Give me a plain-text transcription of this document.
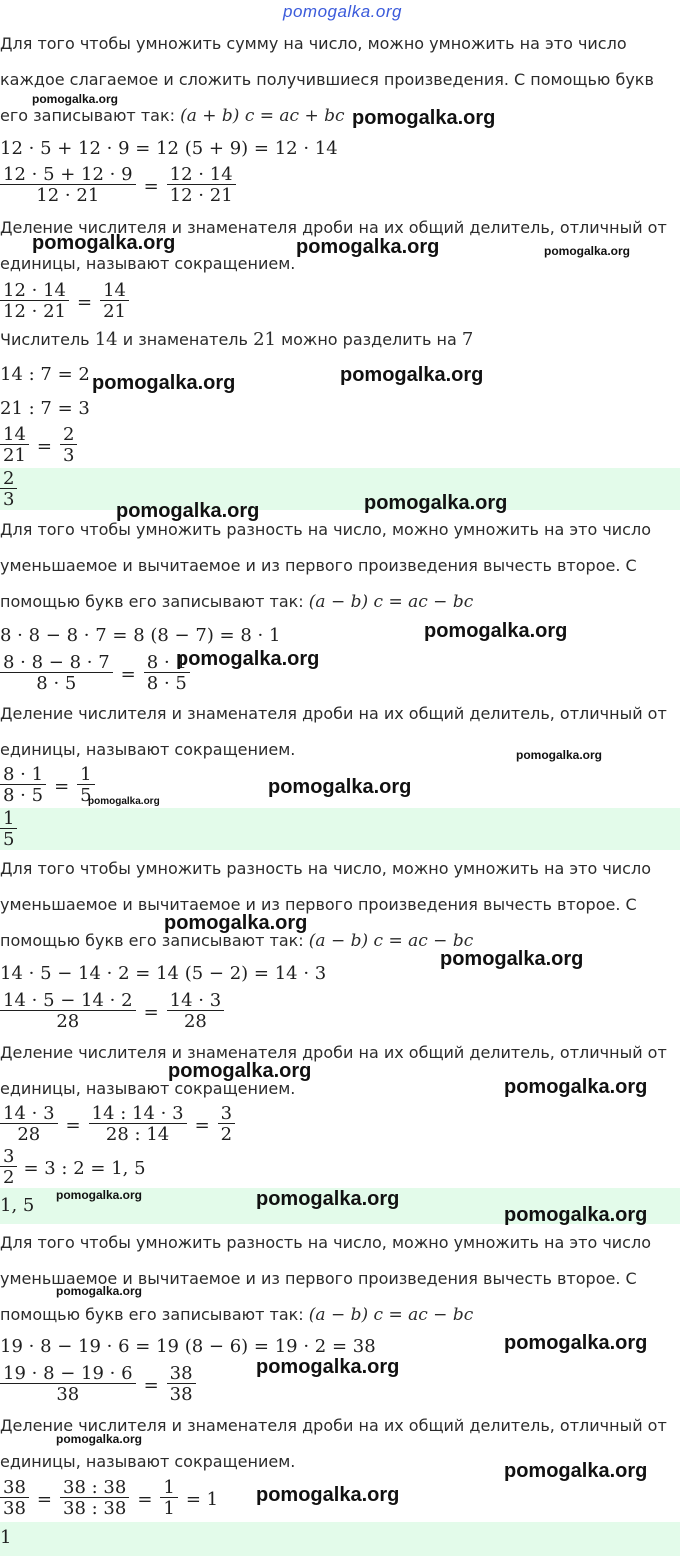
pomogalka.org
Для того чтобы умножить сумму на число, можно умножить на это число
каждое слагаемое и сложить получившиеся произведения. С помощью букв
его записывают так: (a + b) c = ac + bc
12 · 5 + 12 · 9 = 12 (5 + 9) = 12 · 14
$\frac{12 \cdot 5 + 12 \cdot 9}{12 \cdot 21} = \frac{12 \cdot 14}{12 \cdot 21}$
Деление числителя и знаменателя дроби на их общий делитель, отличный от
единицы, называют сокращением.
$\frac{12 \cdot 14}{12 \cdot 21} = \frac{14}{21}$
Числитель 14 и знаменатель 21 можно разделить на 7
14 : 7 = 2
21 : 7 = 3
$\frac{14}{21} = \frac{2}{3}$
$\frac{2}{3}$
Для того чтобы умножить разность на число, можно умножить на это число
уменьшаемое и вычитаемое и из первого произведения вычесть второе. С
помощью букв его записывают так: (a − b) c = ac − bc
8 · 8 − 8 · 7 = 8 (8 − 7) = 8 · 1
$\frac{8 \cdot 8 - 8 \cdot 7}{8 \cdot 5} = \frac{8 \cdot 1}{8 \cdot 5}$
Деление числителя и знаменателя дроби на их общий делитель, отличный от
единицы, называют сокращением.
$\frac{8 \cdot 1}{8 \cdot 5} = \frac{1}{5}$
$\frac{1}{5}$
Для того чтобы умножить разность на число, можно умножить на это число
уменьшаемое и вычитаемое и из первого произведения вычесть второе. С
помощью букв его записывают так: (a − b) c = ac − bc
14 · 5 − 14 · 2 = 14 (5 − 2) = 14 · 3
$\frac{14 \cdot 5 - 14 \cdot 2}{28} = \frac{14 \cdot 3}{28}$
Деление числителя и знаменателя дроби на их общий делитель, отличный от
единицы, называют сокращением.
$\frac{14 \cdot 3}{28} = \frac{14 : 14 \cdot 3}{28 : 14} = \frac{3}{2}$
$\frac{3}{2} = 3$ : 2 = 1, 5
1, 5
Для того чтобы умножить разность на число, можно умножить на это число
уменьшаемое и вычитаемое и из первого произведения вычесть второе. С
помощью букв его записывают так: (a − b) c = ac − bc
19 · 8 − 19 · 6 = 19 (8 − 6) = 19 · 2 = 38
$\frac{19 \cdot 8 - 19 \cdot 6}{38} = \frac{38}{38}$
Деление числителя и знаменателя дроби на их общий делитель, отличный от
единицы, называют сокращением.
$\frac{38}{38} = \frac{38 : 38}{38 : 38} = \frac{1}{1} = 1$
1
pomogalka.org
pomogalka.org
pomogalka.org	pomogalka.org	pomogalka.org
pomogalka.org	pomogalka.org
pomogalka.org	pomogalka.org
pomogalka.org
pomogalka.org
pomogalka.org
pomogalka.org
pomogalka.org
pomogalka.org
pomogalka.org
pomogalka.org
pomogalka.org
pomogalka.org	pomogalka.org
pomogalka.org
pomogalka.org
pomogalka.org
pomogalka.org
pomogalka.org
pomogalka.org
pomogalka.org
